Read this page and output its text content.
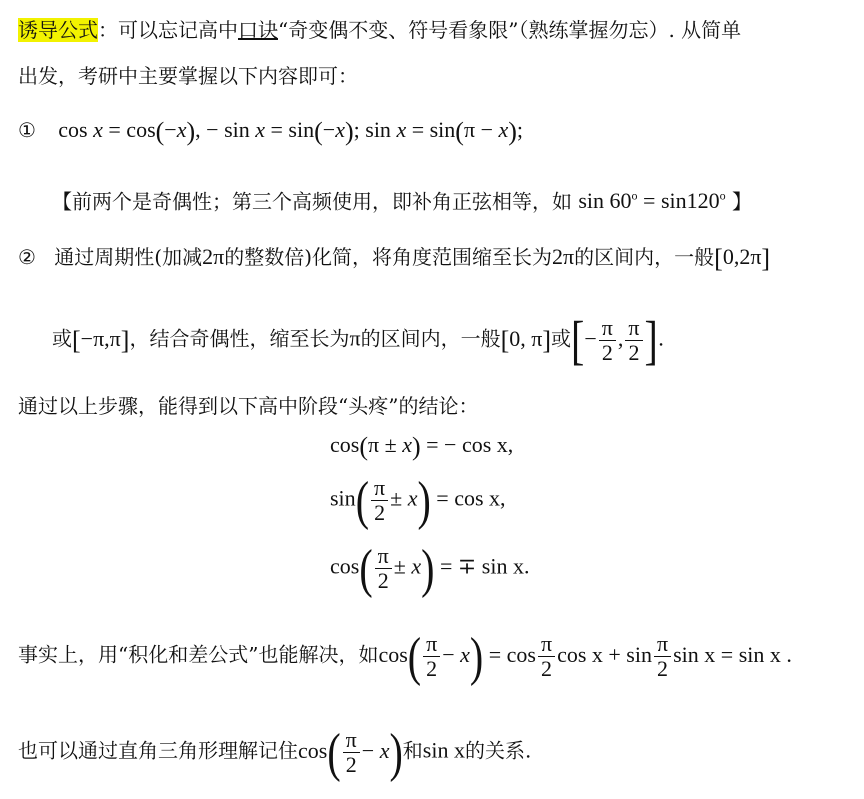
诱导公式：可以忘记高中口诀“奇变偶不变、符号看象限”（熟练掌握勿忘）. 从简单
出发，考研中主要掌握以下内容即可：
① cos x = cos(−x), − sin x = sin(−x); sin x = sin(π − x);
【前两个是奇偶性；第三个高频使用，即补角正弦相等，如 $\sin 60^o = \sin 120^o$ 】
② 通过周期性(加减2π的整数倍)化简，将角度范围缩至长为2π的区间内，一般[0,2π]
或[−π,π]，结合奇偶性，缩至长为π的区间内，一般[0, π]或[− $\frac{\pi}{2}$ , $\frac{\pi}{2}$ ].
通过以上步骤，能得到以下高中阶段“头疼”的结论：
cos(π ± x) = − cos x,
$\sin( \frac{\pi}{2} \pm x) = \cos x$,
$\cos( \frac{\pi}{2} \pm x)$ = ∓ sin x.
事实上，用“积化和差公式”也能解决，如$\cos( \frac{\pi}{2} - x) = \cos \frac{\pi}{2}$ $\cos x + \sin \frac{\pi}{2}$ sin x = sin x .
也可以通过直角三角形理解记住$\cos( \frac{\pi}{2} - x)$和sin x的关系.
